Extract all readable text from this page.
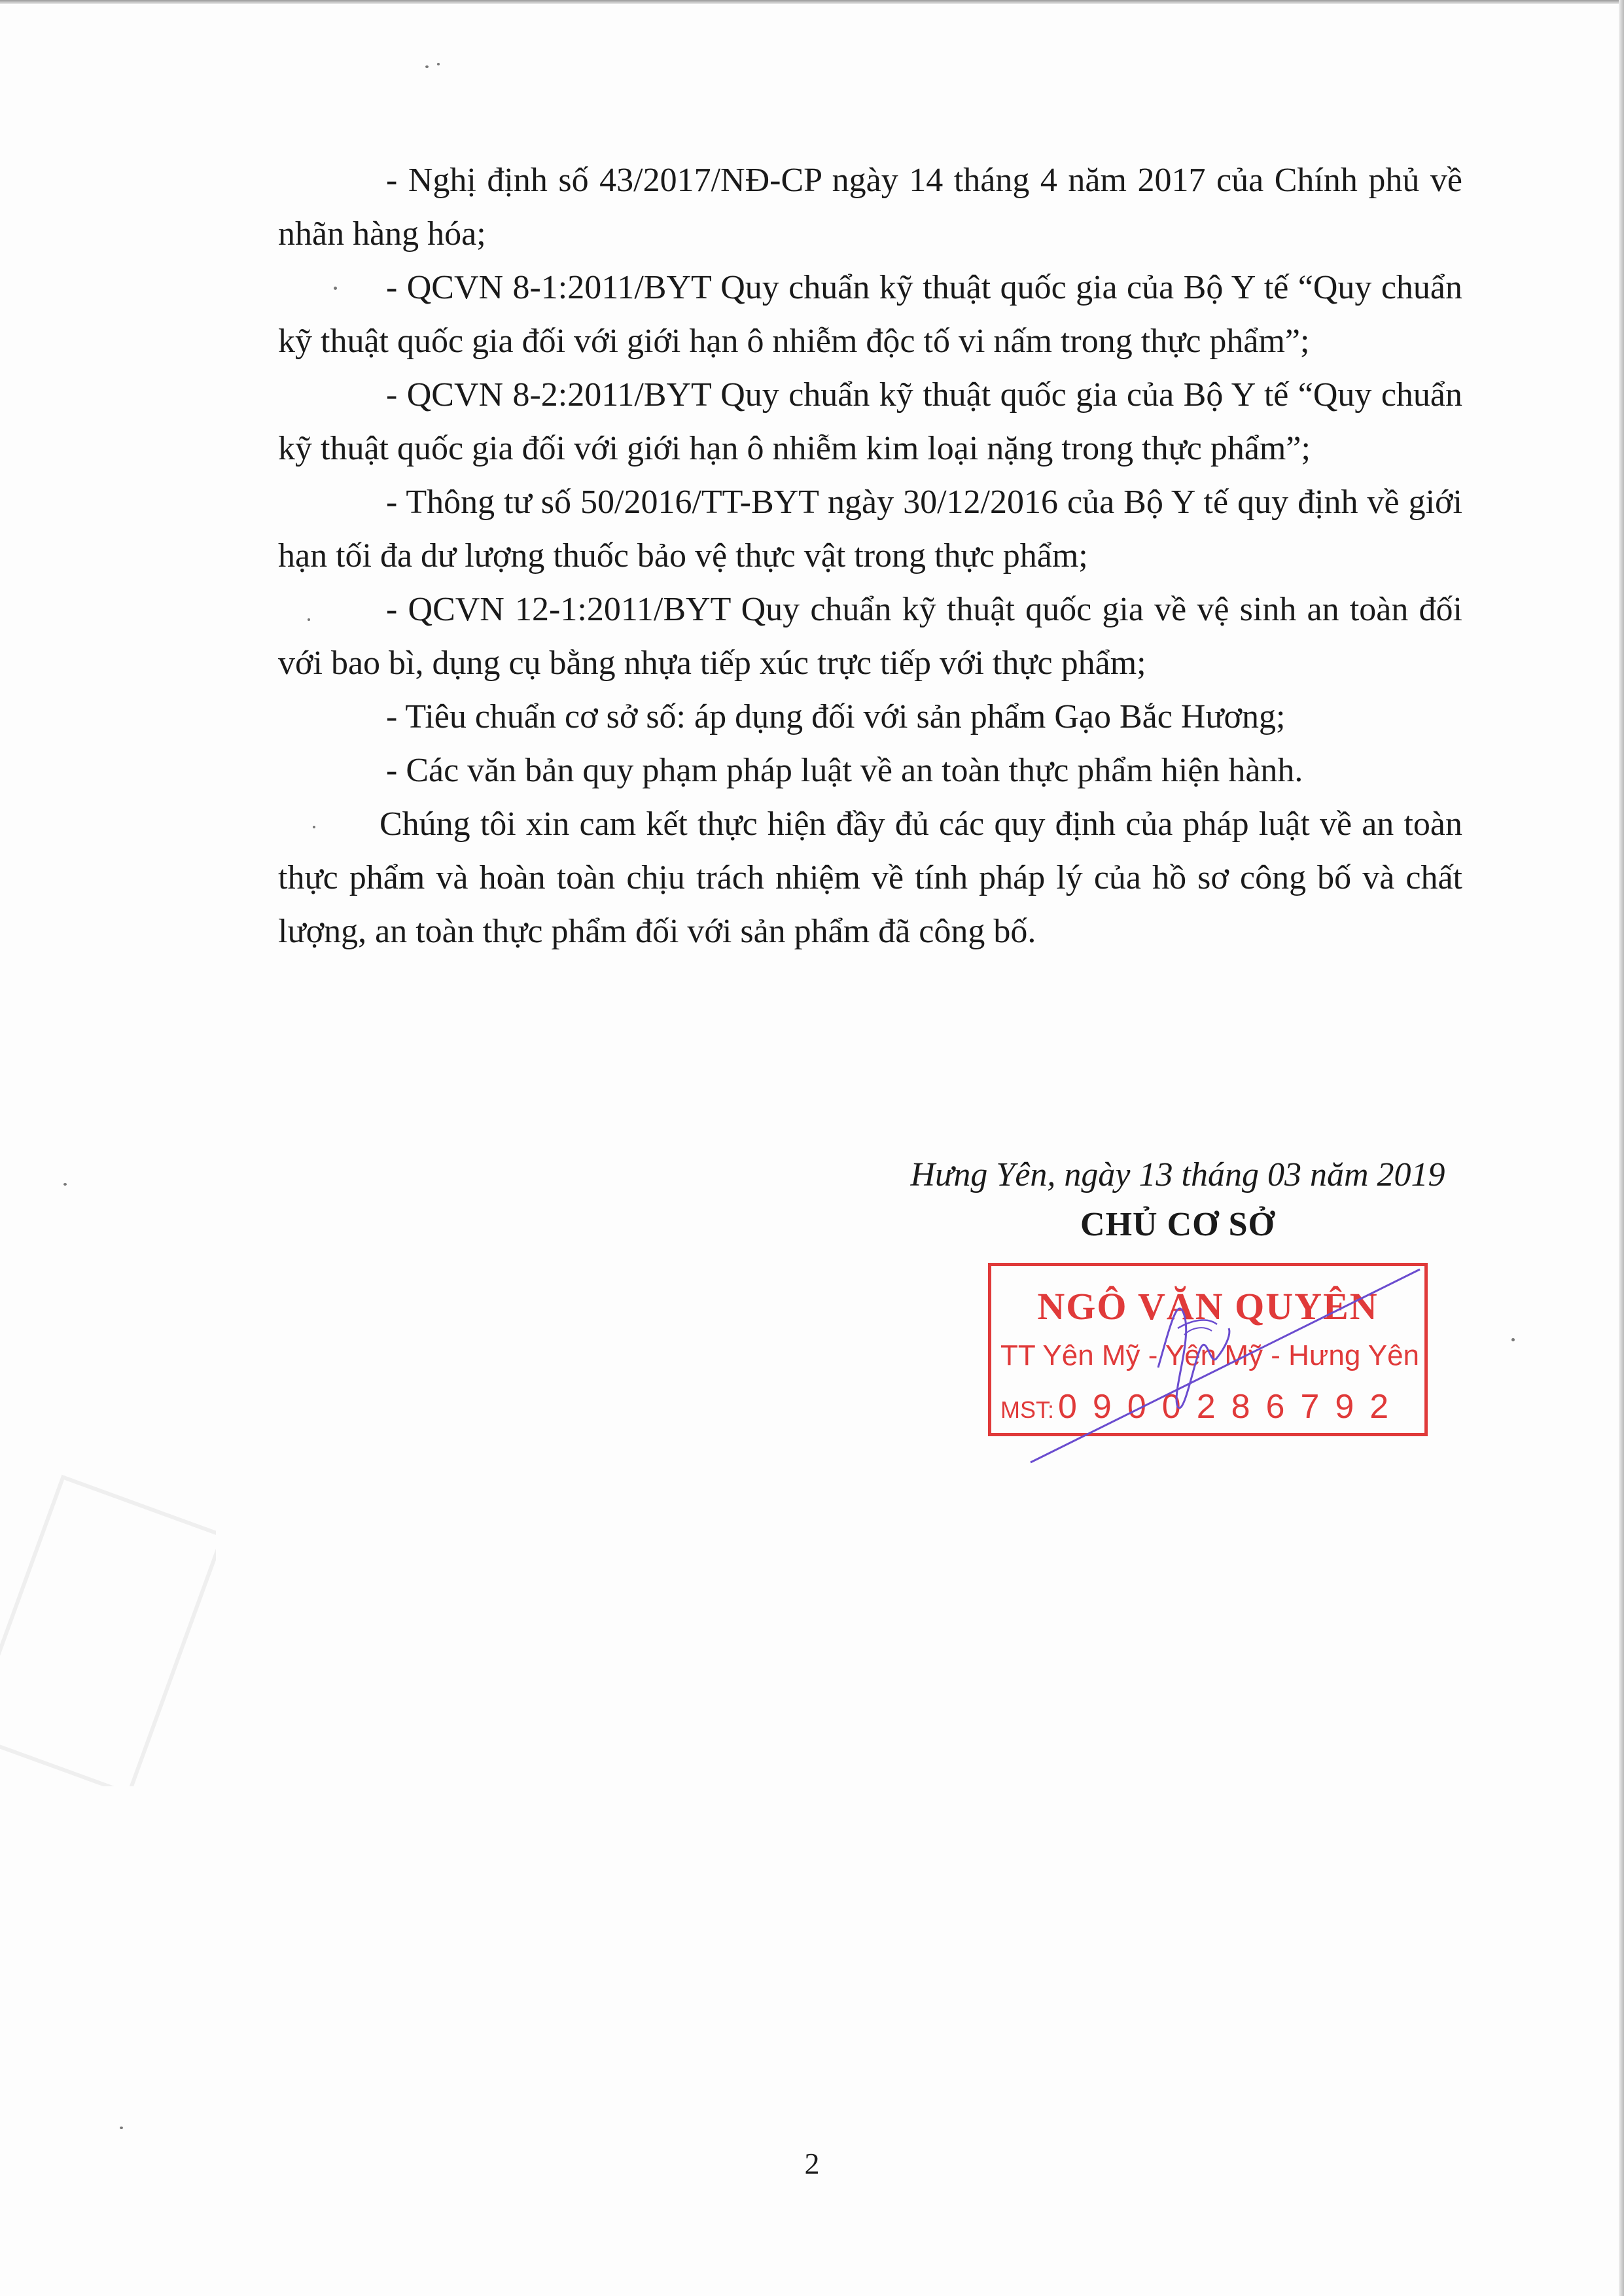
- Nghị định số 43/2017/NĐ-CP ngày 14 tháng 4 năm 2017 của Chính phủ về nhãn hàng hóa;

- QCVN 8-1:2011/BYT Quy chuẩn kỹ thuật quốc gia của Bộ Y tế “Quy chuẩn kỹ thuật quốc gia đối với giới hạn ô nhiễm độc tố vi nấm trong thực phẩm”;

- QCVN 8-2:2011/BYT Quy chuẩn kỹ thuật quốc gia của Bộ Y tế “Quy chuẩn kỹ thuật quốc gia đối với giới hạn ô nhiễm kim loại nặng trong thực phẩm”;

- Thông tư số 50/2016/TT-BYT ngày 30/12/2016 của Bộ Y tế quy định về giới hạn tối đa dư lượng thuốc bảo vệ thực vật trong thực phẩm;

- QCVN 12-1:2011/BYT Quy chuẩn kỹ thuật quốc gia về vệ sinh an toàn đối với bao bì, dụng cụ bằng nhựa tiếp xúc trực tiếp với thực phẩm;

- Tiêu chuẩn cơ sở số: áp dụng đối với sản phẩm Gạo Bắc Hương;

- Các văn bản quy phạm pháp luật về an toàn thực phẩm hiện hành.

Chúng tôi xin cam kết thực hiện đầy đủ các quy định của pháp luật về an toàn thực phẩm và hoàn toàn chịu trách nhiệm về tính pháp lý của hồ sơ công bố và chất lượng, an toàn thực phẩm đối với sản phẩm đã công bố.

Hưng Yên, ngày 13 tháng 03 năm 2019

CHỦ CƠ SỞ

NGÔ VĂN QUYÊN
TT Yên Mỹ - Yên Mỹ - Hưng Yên
MST: 0900286792
2
